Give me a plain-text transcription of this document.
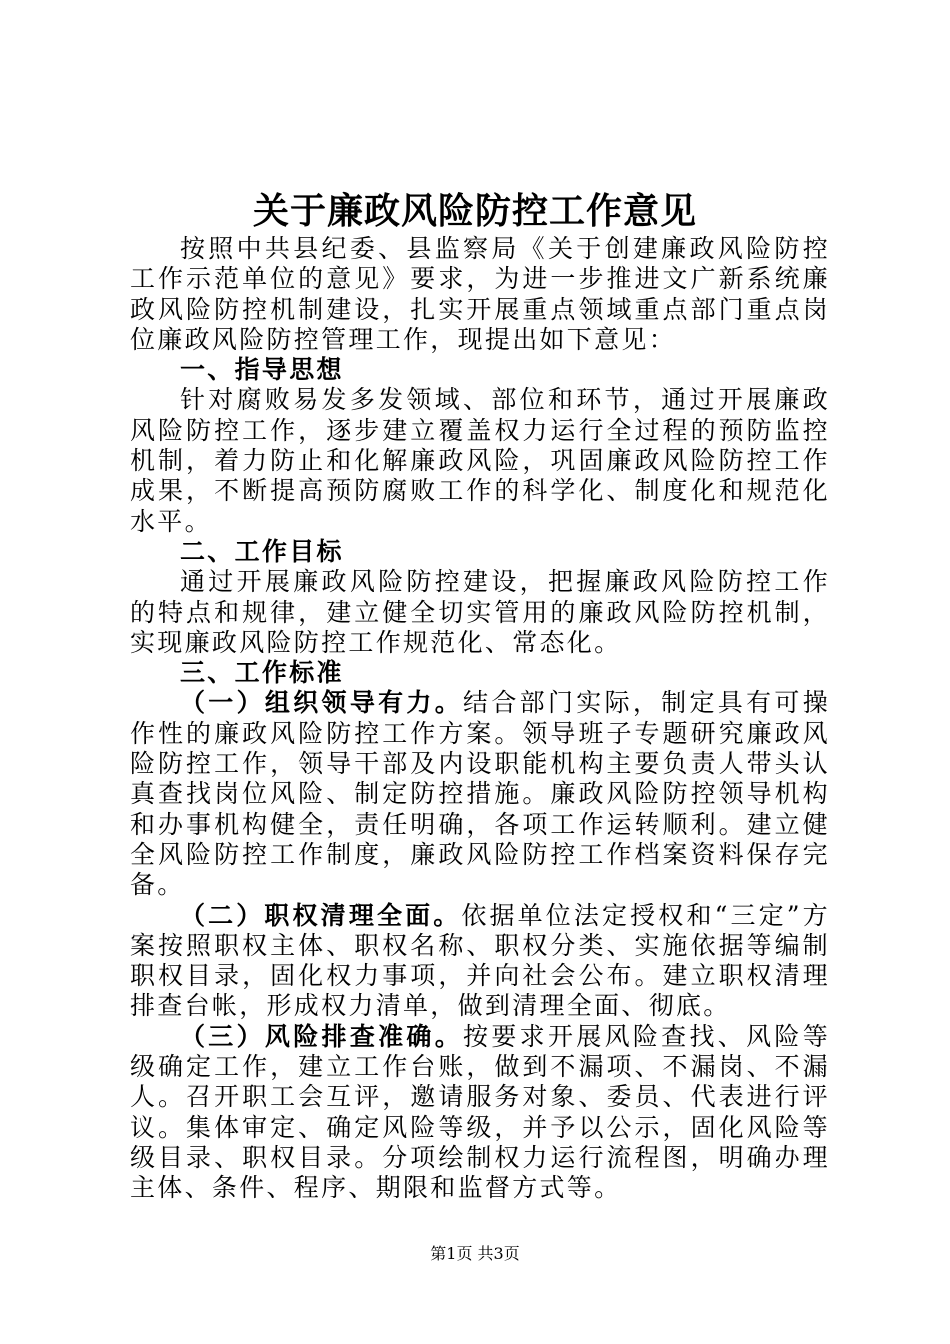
关于廉政风险防控工作意见

按照中共县纪委、县监察局《关于创建廉政风险防控工作示范单位的意见》要求，为进一步推进文广新系统廉政风险防控机制建设，扎实开展重点领域重点部门重点岗位廉政风险防控管理工作，现提出如下意见：

一、指导思想

针对腐败易发多发领域、部位和环节，通过开展廉政风险防控工作，逐步建立覆盖权力运行全过程的预防监控机制，着力防止和化解廉政风险，巩固廉政风险防控工作成果，不断提高预防腐败工作的科学化、制度化和规范化水平。

二、工作目标

通过开展廉政风险防控建设，把握廉政风险防控工作的特点和规律，建立健全切实管用的廉政风险防控机制，实现廉政风险防控工作规范化、常态化。

三、工作标准

（一）组织领导有力。结合部门实际，制定具有可操作性的廉政风险防控工作方案。领导班子专题研究廉政风险防控工作，领导干部及内设职能机构主要负责人带头认真查找岗位风险、制定防控措施。廉政风险防控领导机构和办事机构健全，责任明确，各项工作运转顺利。建立健全风险防控工作制度，廉政风险防控工作档案资料保存完备。

（二）职权清理全面。依据单位法定授权和“三定”方案按照职权主体、职权名称、职权分类、实施依据等编制职权目录，固化权力事项，并向社会公布。建立职权清理排查台帐，形成权力清单，做到清理全面、彻底。

（三）风险排查准确。按要求开展风险查找、风险等级确定工作，建立工作台账，做到不漏项、不漏岗、不漏人。召开职工会互评，邀请服务对象、委员、代表进行评议。集体审定、确定风险等级，并予以公示，固化风险等级目录、职权目录。分项绘制权力运行流程图，明确办理主体、条件、程序、期限和监督方式等。

第1页 共3页
